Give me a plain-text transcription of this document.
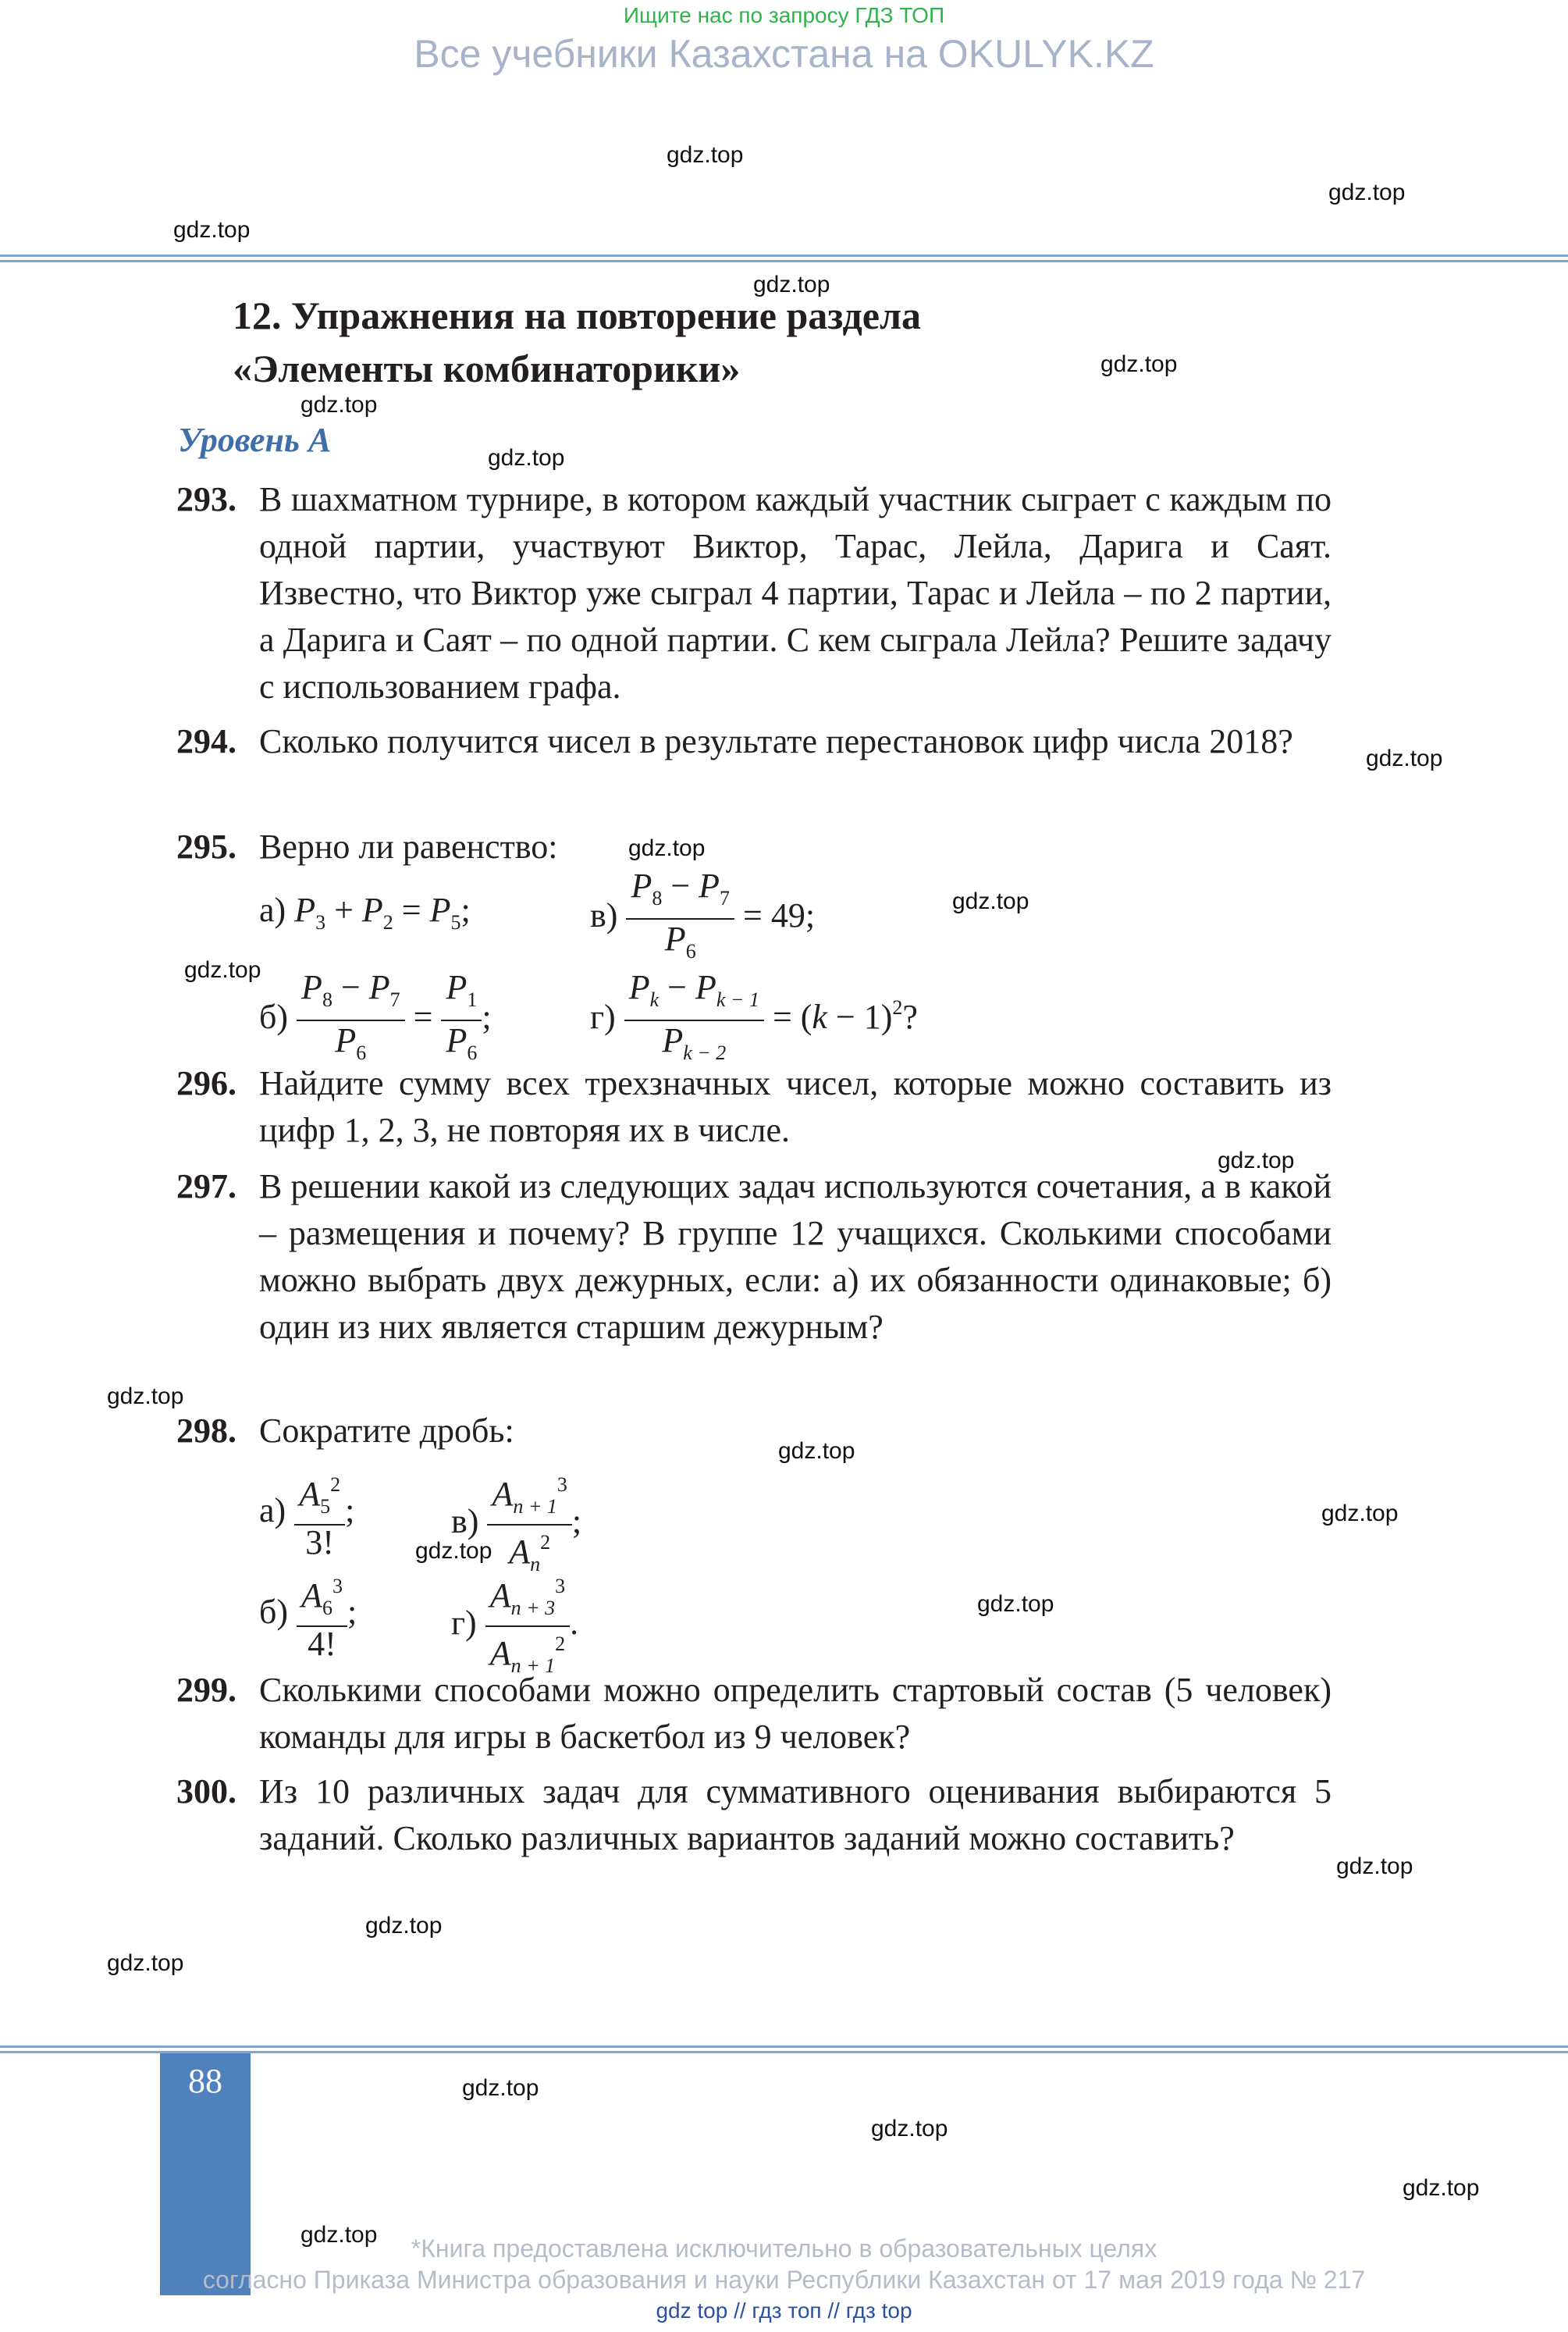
Ищите нас по запросу ГДЗ ТОП
Все учебники Казахстана на OKULYK.KZ
12. Упражнения на повторение раздела
«Элементы комбинаторики»
Уровень А
293. В шахматном турнире, в котором каждый участник сыграет с каждым по одной партии, участвуют Виктор, Тарас, Лейла, Дарига и Саят. Известно, что Виктор уже сыграл 4 партии, Тарас и Лейла – по 2 партии, а Дарига и Саят – по одной партии. С кем сыграла Лейла? Решите задачу с использованием графа.
294. Сколько получится чисел в результате перестановок цифр числа 2018?
295. Верно ли равенство:
а) $P_3 + P_2 = P_5$;	$в) \frac{P_8 - P_7}{P_6} = 49$;
$б) \frac{P_8 - P_7}{P_6} = \frac{P_1}{P_6}$ ;	$г) \frac{P_k - P_{k - 1}}{P_{k - 2}} = (k - 1)^2$?
296. Найдите сумму всех трехзначных чисел, которые можно составить из цифр 1, 2, 3, не повторяя их в числе.
297. В решении какой из следующих задач используются сочетания, а в какой – размещения и почему? В группе 12 учащихся. Сколькими способами можно выбрать двух дежурных, если: а) их обязанности одинаковые; б) один из них является старшим дежурным?
298. Сократите дробь:
$а) \frac{A_5^2}{3!}$ ;	$в) \frac{A_{n + 1}^3}{A_n^2}$ ;
$б) \frac{A_6^3}{4!}$ ;	$г) \frac{A_{n + 3}^3}{A_{n + 1}^2}$ .
299. Сколькими способами можно определить стартовый состав (5 человек) команды для игры в баскетбол из 9 человек?
300. Из 10 различных задач для суммативного оценивания выбираются 5 заданий. Сколько различных вариантов заданий можно составить?
88
gdz.top
gdz.top
gdz.top
gdz.top
gdz.top
gdz.top
gdz.top
gdz.top
gdz.top
gdz.top
gdz.top
gdz.top
gdz.top
gdz.top
gdz.top
gdz.top
gdz.top
gdz.top
gdz.top
gdz.top
gdz.top
gdz.top
gdz.top
gdz.top	*Книга предоставлена исключительно в образовательных целях
согласно Приказа Министра образования и науки Республики Казахстан от 17 мая 2019 года № 217
gdz top // гдз топ // гдз top
